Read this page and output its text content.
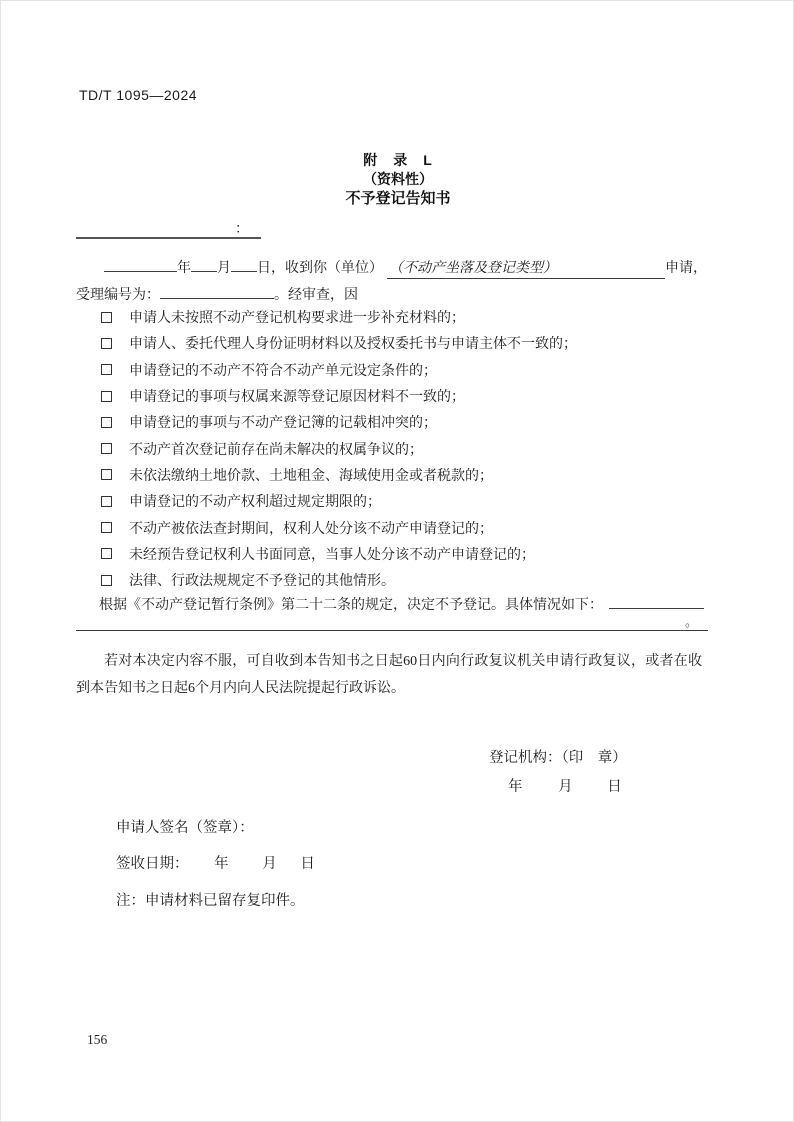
TD/T 1095—2024
附　录　L
（资料性）
不予登记告知书
：
年 月 日，收到你（单位） （不动产坐落及登记类型）	申请，
受理编号为：	。经审查，因
申请人未按照不动产登记机构要求进一步补充材料的；
申请人、委托代理人身份证明材料以及授权委托书与申请主体不一致的；
申请登记的不动产不符合不动产单元设定条件的；
申请登记的事项与权属来源等登记原因材料不一致的；
申请登记的事项与不动产登记簿的记载相冲突的；
不动产首次登记前存在尚未解决的权属争议的；
未依法缴纳土地价款、土地租金、海域使用金或者税款的；
申请登记的不动产权利超过规定期限的；
不动产被依法查封期间，权利人处分该不动产申请登记的；
未经预告登记权利人书面同意，当事人处分该不动产申请登记的；
法律、行政法规规定不予登记的其他情形。
根据《不动产登记暂行条例》第二十二条的规定，决定不予登记。具体情况如下：
。
若对本决定内容不服，可自收到本告知书之日起60日内向行政复议机关申请行政复议，或者在收到本告知书之日起6个月内向人民法院提起行政诉讼。
登记机构：（印　章）
年 月 日
申请人签名（签章）：
签收日期： 年 月 日
注：申请材料已留存复印件。
156
